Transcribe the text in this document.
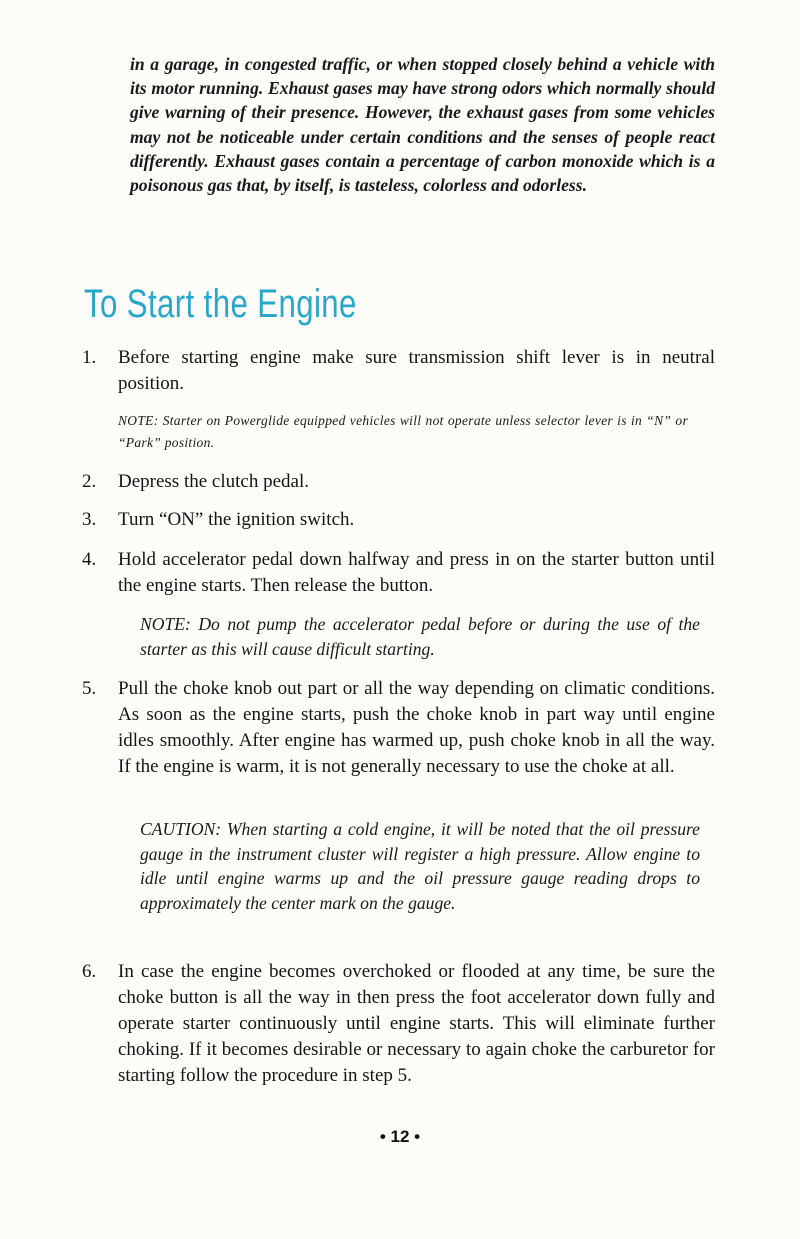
in a garage, in congested traffic, or when stopped closely behind a vehicle with its motor running. Exhaust gases may have strong odors which normally should give warning of their presence. However, the exhaust gases from some vehicles may not be noticeable under certain conditions and the senses of people react differently. Exhaust gases contain a percentage of carbon monoxide which is a poisonous gas that, by itself, is tasteless, colorless and odorless.

To Start the Engine
1.	Before starting engine make sure transmission shift lever is in neutral position.
NOTE: Starter on Powerglide equipped vehicles will not operate unless selector lever is in “N” or “Park” position.
2.	Depress the clutch pedal.
3.	Turn “ON” the ignition switch.
4.	Hold accelerator pedal down halfway and press in on the starter button until the engine starts. Then release the button.
NOTE: Do not pump the accelerator pedal before or during the use of the starter as this will cause difficult starting.
5.	Pull the choke knob out part or all the way depending on climatic conditions. As soon as the engine starts, push the choke knob in part way until engine idles smoothly. After engine has warmed up, push choke knob in all the way. If the engine is warm, it is not generally necessary to use the choke at all.
CAUTION: When starting a cold engine, it will be noted that the oil pressure gauge in the instrument cluster will register a high pressure. Allow engine to idle until engine warms up and the oil pressure gauge reading drops to approximately the center mark on the gauge.
6.	In case the engine becomes overchoked or flooded at any time, be sure the choke button is all the way in then press the foot accelerator down fully and operate starter continuously until engine starts. This will eliminate further choking. If it becomes desirable or necessary to again choke the carburetor for starting follow the procedure in step 5.
• 12 •
